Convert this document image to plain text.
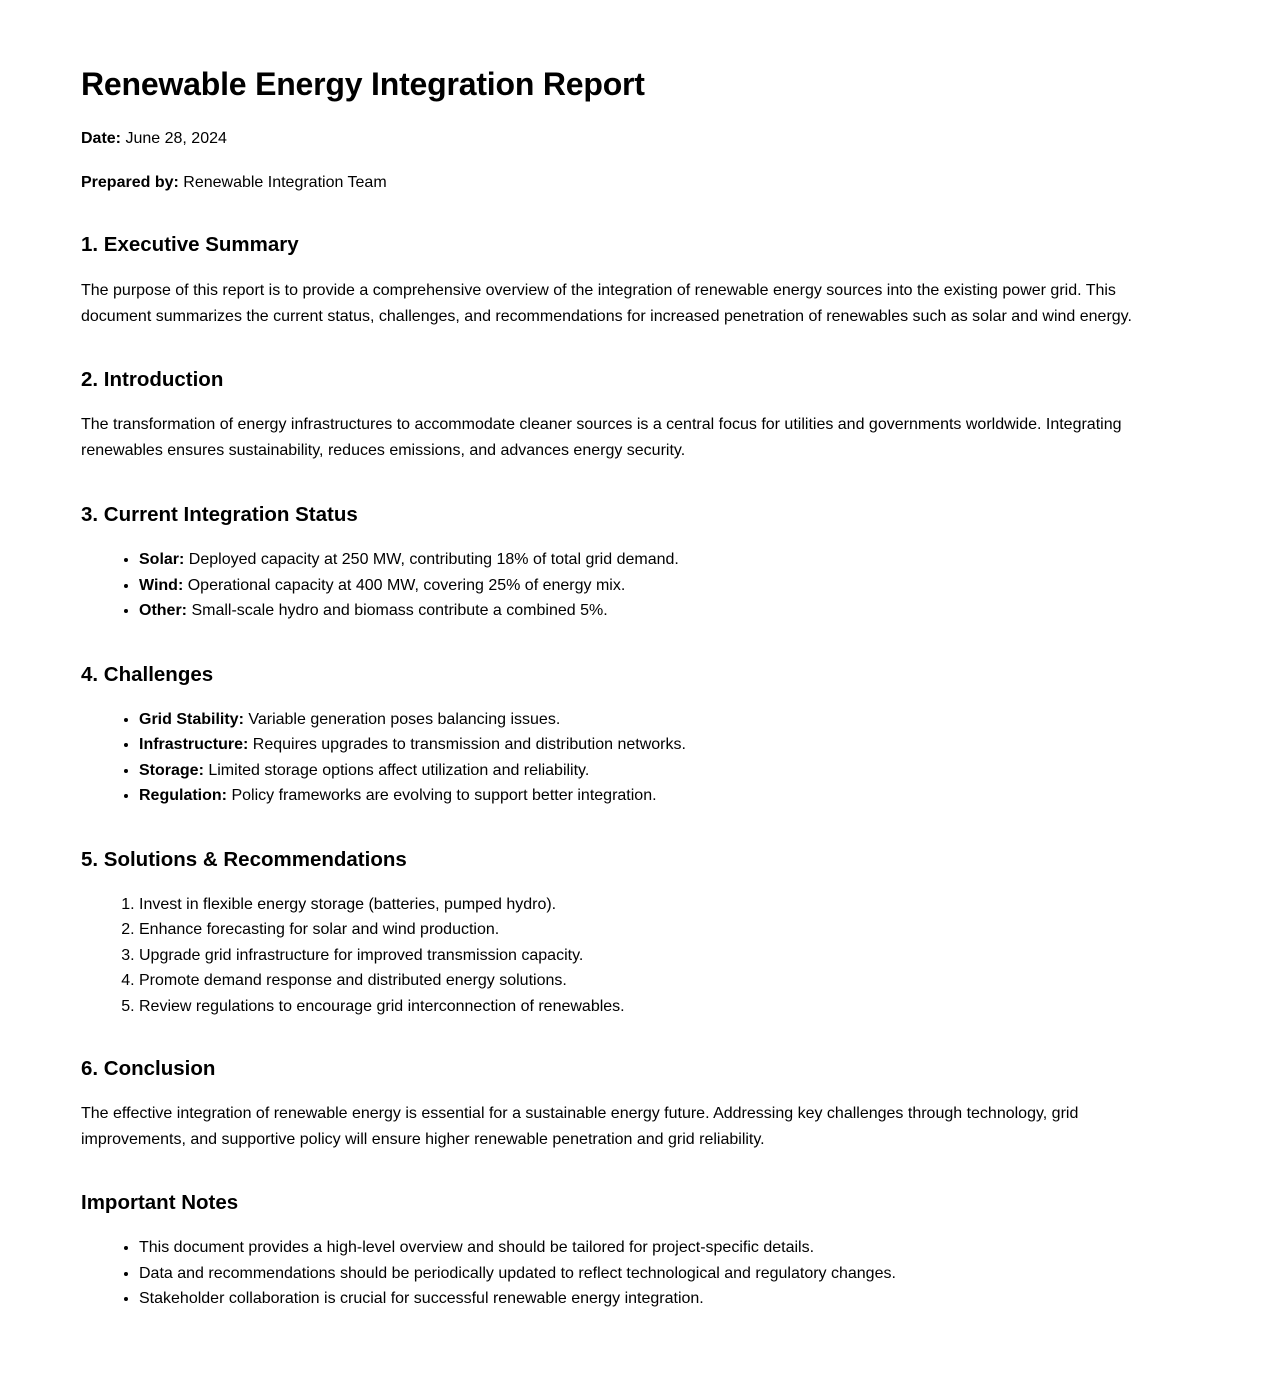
Renewable Energy Integration Report

Date: June 28, 2024

Prepared by: Renewable Integration Team

1. Executive Summary

The purpose of this report is to provide a comprehensive overview of the integration of renewable energy sources into the existing power grid. This document summarizes the current status, challenges, and recommendations for increased penetration of renewables such as solar and wind energy.

2. Introduction

The transformation of energy infrastructures to accommodate cleaner sources is a central focus for utilities and governments worldwide. Integrating renewables ensures sustainability, reduces emissions, and advances energy security.

3. Current Integration Status
• Solar: Deployed capacity at 250 MW, contributing 18% of total grid demand.
• Wind: Operational capacity at 400 MW, covering 25% of energy mix.
• Other: Small-scale hydro and biomass contribute a combined 5%.
4. Challenges
• Grid Stability: Variable generation poses balancing issues.
• Infrastructure: Requires upgrades to transmission and distribution networks.
• Storage: Limited storage options affect utilization and reliability.
• Regulation: Policy frameworks are evolving to support better integration.
5. Solutions & Recommendations
1. Invest in flexible energy storage (batteries, pumped hydro).
2. Enhance forecasting for solar and wind production.
3. Upgrade grid infrastructure for improved transmission capacity.
4. Promote demand response and distributed energy solutions.
5. Review regulations to encourage grid interconnection of renewables.
6. Conclusion

The effective integration of renewable energy is essential for a sustainable energy future. Addressing key challenges through technology, grid improvements, and supportive policy will ensure higher renewable penetration and grid reliability.

Important Notes
• This document provides a high-level overview and should be tailored for project-specific details.
• Data and recommendations should be periodically updated to reflect technological and regulatory changes.
• Stakeholder collaboration is crucial for successful renewable energy integration.
